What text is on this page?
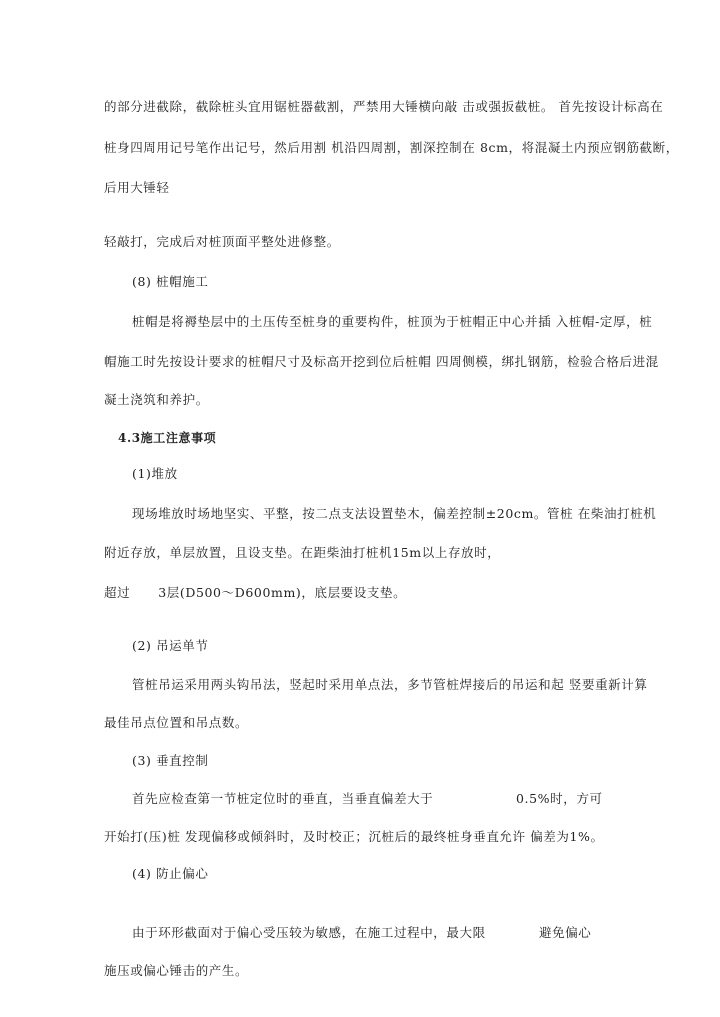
的部分进截除，截除桩头宜用锯桩器截割，严禁用大锤横向敲 击或强扳截桩。 首先按设计标高在
桩身四周用记号笔作出记号，然后用割 机沿四周割，割深控制在 8cm，将混凝土内预应钢筋截断，
后用大锤轻
轻敲打，完成后对桩顶面平整处进修整。
(8) 桩帽施工
桩帽是将褥垫层中的土压传至桩身的重要构件，桩顶为于桩帽正中心并插 入桩帽-定厚，桩
帽施工时先按设计要求的桩帽尺寸及标高开挖到位后桩帽 四周侧模，绑扎钢筋，检验合格后进混
凝土浇筑和养护。
4.3施工注意事项
(1)堆放
现场堆放时场地坚实、平整，按二点支法设置垫木，偏差控制±20cm。管桩 在柴油打桩机
附近存放，单层放置，且设支垫。在距柴油打桩机15m以上存放时，
超过 3层(D500～D600mm)，底层要设支垫。
(2) 吊运单节
管桩吊运采用两头钩吊法，竖起时采用单点法，多节管桩焊接后的吊运和起 竖要重新计算
最佳吊点位置和吊点数。
(3) 垂直控制
首先应检查第一节桩定位时的垂直，当垂直偏差大于	0.5%时，方可
开始打(压)桩 发现偏移或倾斜时，及时校正；沉桩后的最终桩身垂直允许 偏差为1%。
(4) 防止偏心
由于环形截面对于偏心受压较为敏感，在施工过程中，最大限	避免偏心
施压或偏心锤击的产生。
